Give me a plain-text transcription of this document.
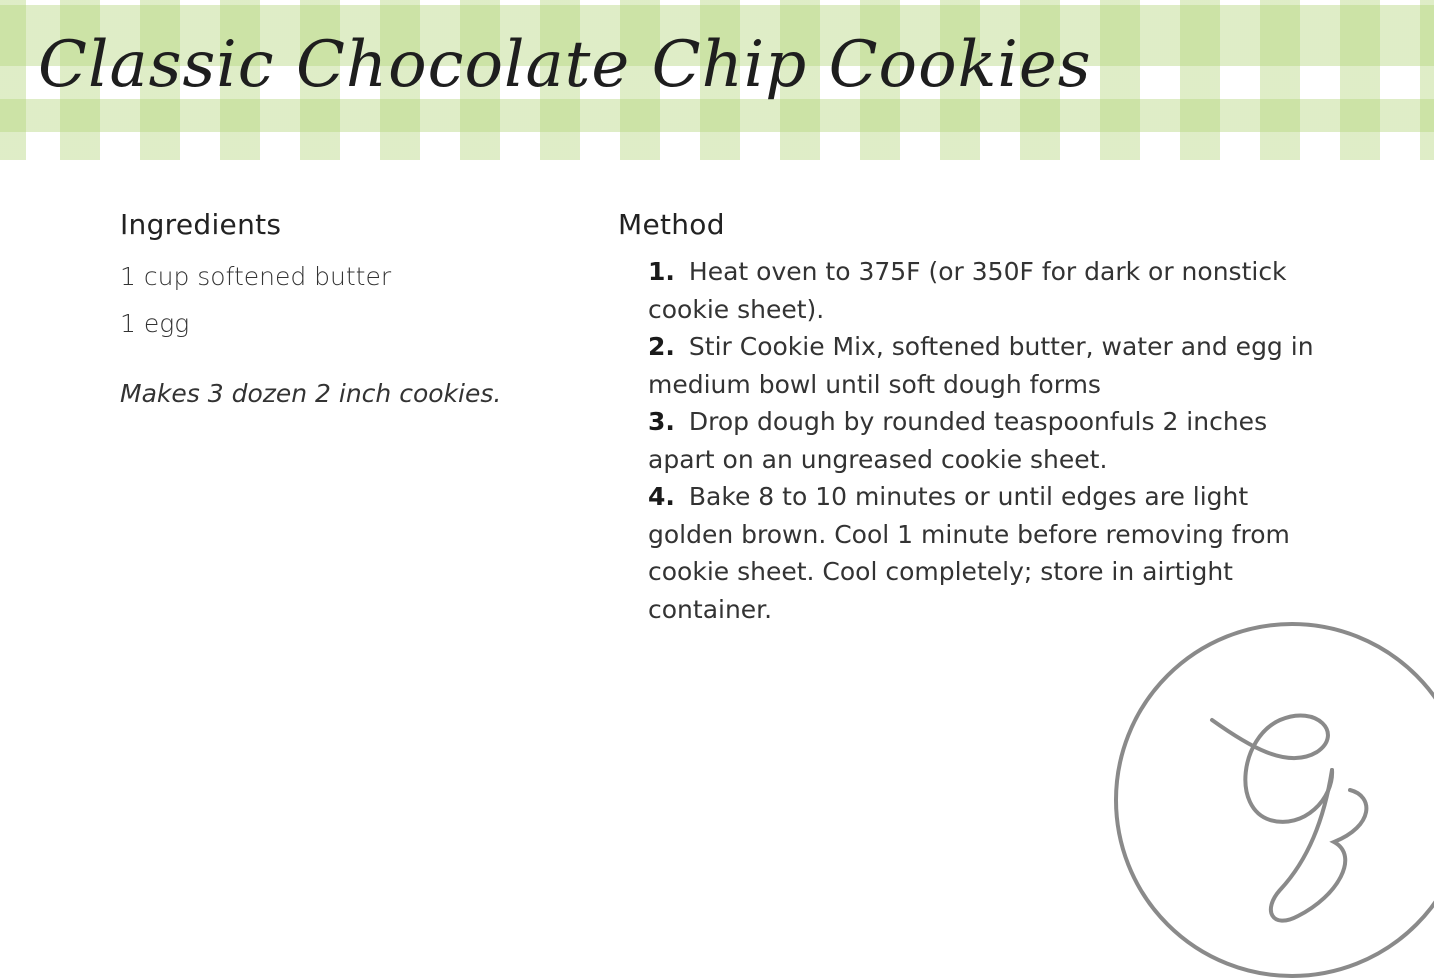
Classic Chocolate Chip Cookies
Ingredients
1 cup softened butter
1 egg

Makes 3 dozen 2 inch cookies.

Method
1. Heat oven to 375F (or 350F for dark or nonstick cookie sheet).
2. Stir Cookie Mix, softened butter, water and egg in medium bowl until soft dough forms
3. Drop dough by rounded teaspoonfuls 2 inches apart on an ungreased cookie sheet.
4. Bake 8 to 10 minutes or until edges are light golden brown. Cool 1 minute before removing from cookie sheet. Cool completely; store in airtight container.
